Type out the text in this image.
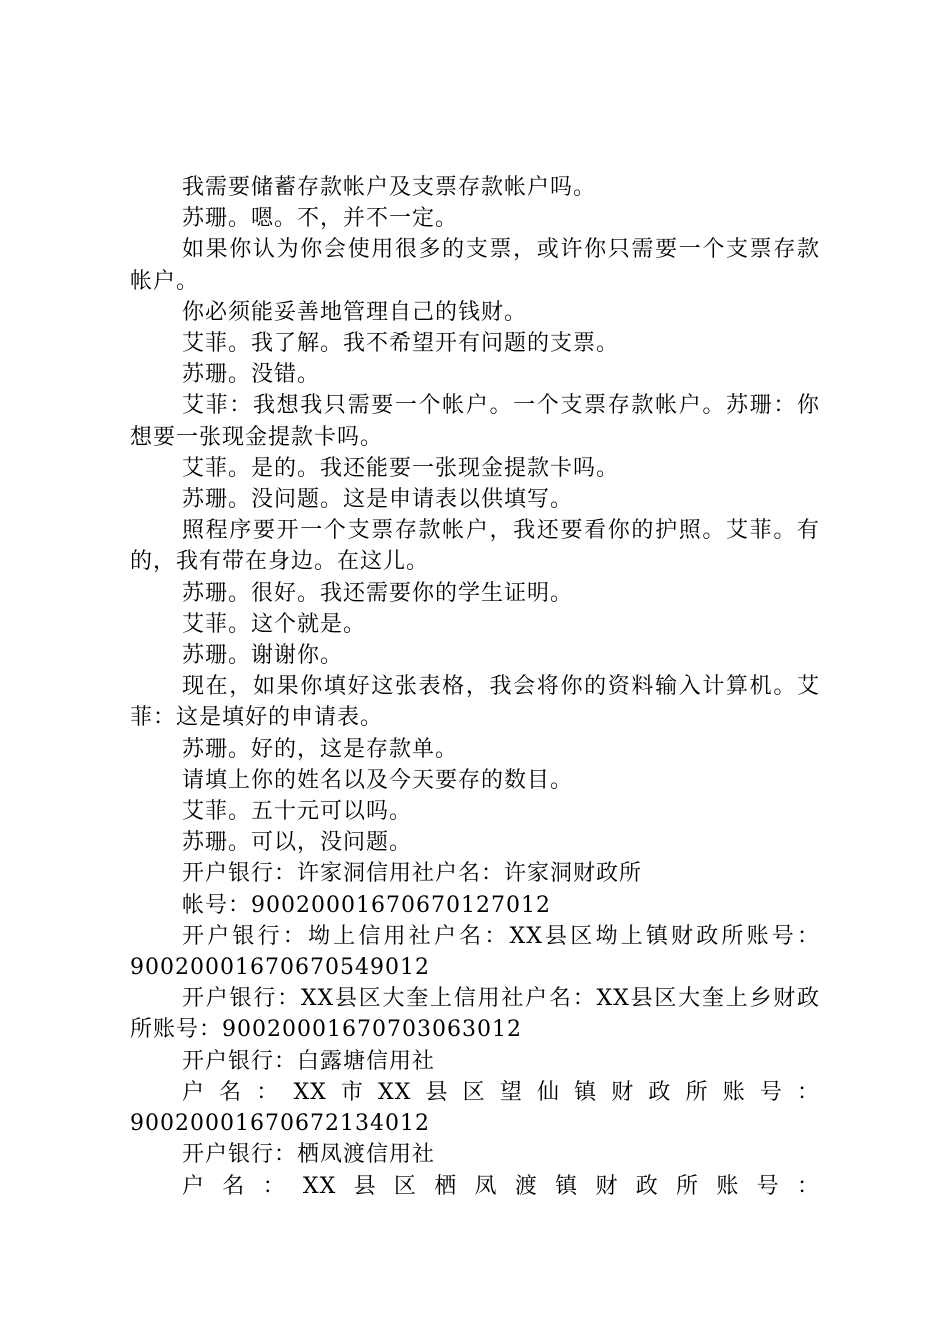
我需要储蓄存款帐户及支票存款帐户吗。

苏珊。嗯。不，并不一定。

如果你认为你会使用很多的支票，或许你只需要一个支票存款帐户。

你必须能妥善地管理自己的钱财。

艾菲。我了解。我不希望开有问题的支票。

苏珊。没错。

艾菲：我想我只需要一个帐户。一个支票存款帐户。苏珊：你想要一张现金提款卡吗。

艾菲。是的。我还能要一张现金提款卡吗。

苏珊。没问题。这是申请表以供填写。

照程序要开一个支票存款帐户，我还要看你的护照。艾菲。有的，我有带在身边。在这儿。

苏珊。很好。我还需要你的学生证明。

艾菲。这个就是。

苏珊。谢谢你。

现在，如果你填好这张表格，我会将你的资料输入计算机。艾菲：这是填好的申请表。

苏珊。好的，这是存款单。

请填上你的姓名以及今天要存的数目。

艾菲。五十元可以吗。

苏珊。可以，没问题。

开户银行：许家洞信用社户名：许家洞财政所

帐号：90020001670670127012

开户银行：坳上信用社户名：XX县区坳上镇财政所账号：90020001670670549012

开户银行：XX县区大奎上信用社户名：XX县区大奎上乡财政所账号：90020001670703063012

开户银行：白露塘信用社

户名：XX市XX县区望仙镇财政所账号：90020001670672134012

开户银行：栖凤渡信用社

户名：XX县区栖凤渡镇财政所账号：
